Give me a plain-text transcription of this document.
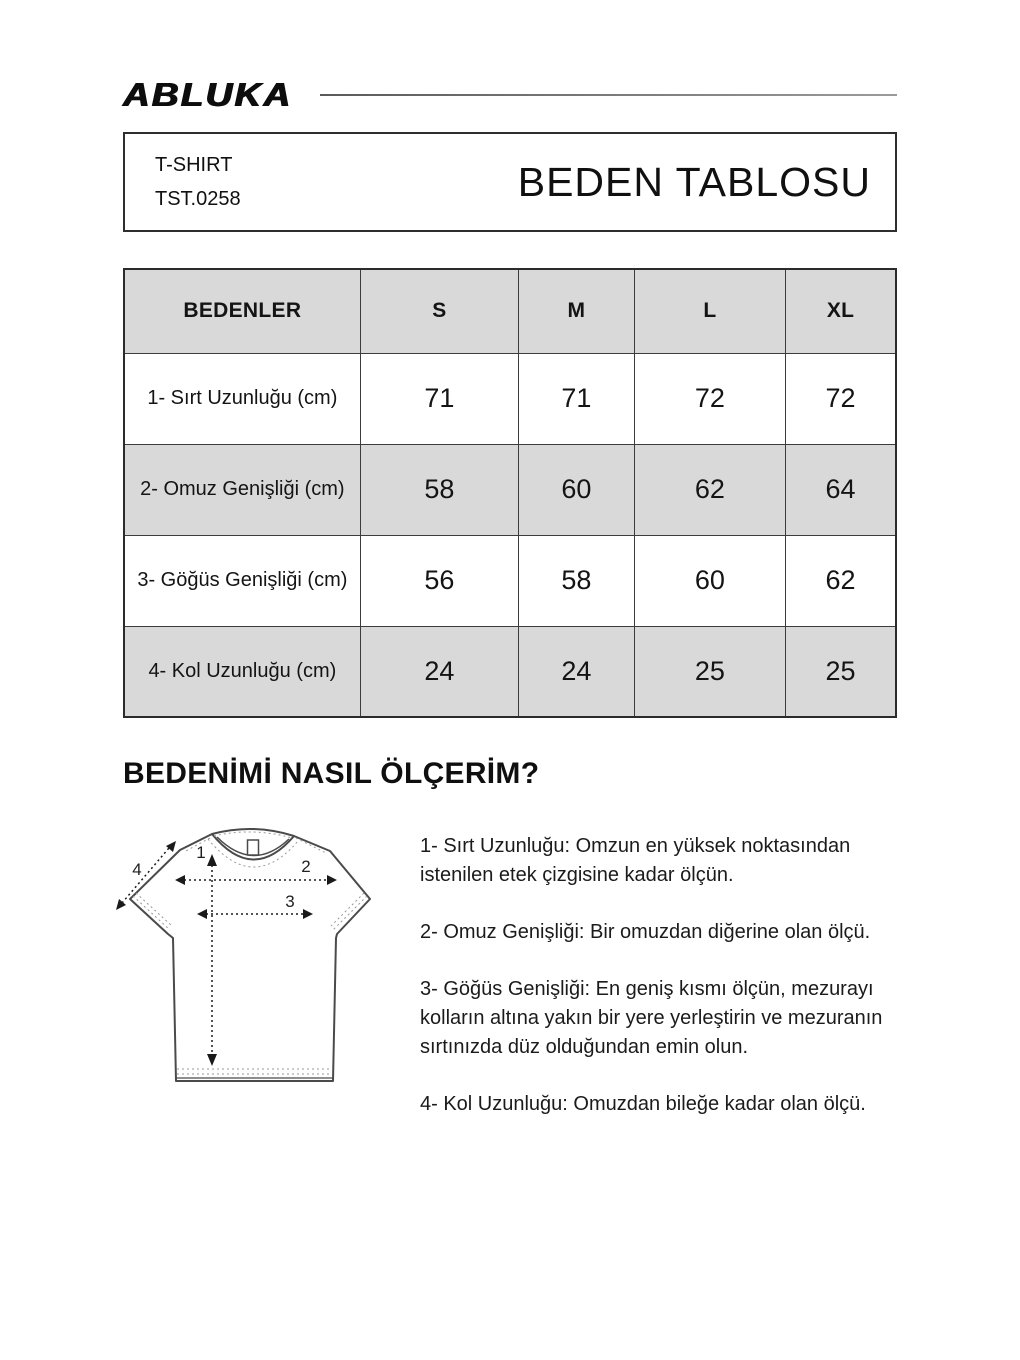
ABLUKA
T-SHIRT
TST.0258	BEDEN TABLOSU
BEDENLER	S	M	L	XL
1- Sırt Uzunluğu (cm)	71	71	72	72
2- Omuz Genişliği (cm)	58	60	62	64
3- Göğüs Genişliği (cm)	56	58	60	62
4- Kol Uzunluğu (cm)	24	24	25	25
BEDENİMİ NASIL ÖLÇERİM?
1
2
3
4

1- Sırt Uzunluğu: Omzun en yüksek noktasından istenilen etek çizgisine kadar ölçün.

2- Omuz Genişliği: Bir omuzdan diğerine olan ölçü.

3- Göğüs Genişliği: En geniş kısmı ölçün, mezurayı kolların altına yakın bir yere yerleştirin ve mezuranın sırtınızda düz olduğundan emin olun.

4- Kol Uzunluğu: Omuzdan bileğe kadar olan ölçü.
